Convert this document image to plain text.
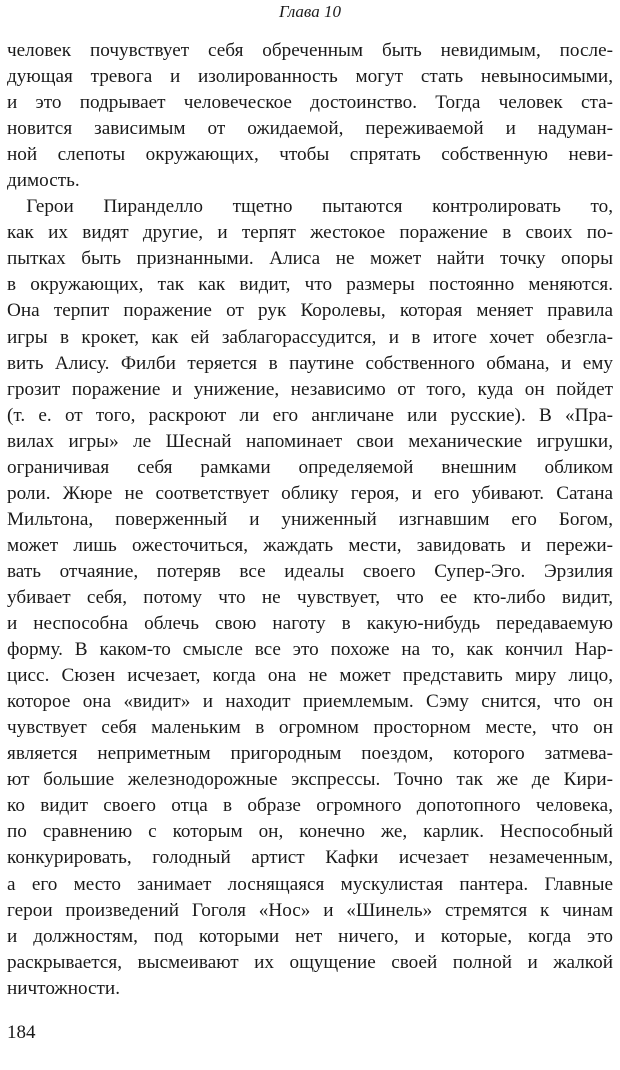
Глава 10
человек почувствует себя обреченным быть невидимым, после-
дующая тревога и изолированность могут стать невыносимыми,
и это подрывает человеческое достоинство. Тогда человек ста-
новится зависимым от ожидаемой, переживаемой и надуман-
ной слепоты окружающих, чтобы спрятать собственную неви-
димость.
 Герои Пиранделло тщетно пытаются контролировать то,
как их видят другие, и терпят жестокое поражение в своих по-
пытках быть признанными. Алиса не может найти точку опоры
в окружающих, так как видит, что размеры постоянно меняются.
Она терпит поражение от рук Королевы, которая меняет правила
игры в крокет, как ей заблагорассудится, и в итоге хочет обезгла-
вить Алису. Филби теряется в паутине собственного обмана, и ему
грозит поражение и унижение, независимо от того, куда он пойдет
(т. е. от того, раскроют ли его англичане или русские). В «Пра-
вилах игры» ле Шеснай напоминает свои механические игрушки,
ограничивая себя рамками определяемой внешним обликом
роли. Жюре не соответствует облику героя, и его убивают. Сатана
Мильтона, поверженный и униженный изгнавшим его Богом,
может лишь ожесточиться, жаждать мести, завидовать и пережи-
вать отчаяние, потеряв все идеалы своего Супер-Эго. Эрзилия
убивает себя, потому что не чувствует, что ее кто-либо видит,
и неспособна облечь свою наготу в какую-нибудь передаваемую
форму. В каком-то смысле все это похоже на то, как кончил Нар-
цисс. Сюзен исчезает, когда она не может представить миру лицо,
которое она «видит» и находит приемлемым. Сэму снится, что он
чувствует себя маленьким в огромном просторном месте, что он
является неприметным пригородным поездом, которого затмева-
ют большие железнодорожные экспрессы. Точно так же де Кири-
ко видит своего отца в образе огромного допотопного человека,
по сравнению с которым он, конечно же, карлик. Неспособный
конкурировать, голодный артист Кафки исчезает незамеченным,
а его место занимает лоснящаяся мускулистая пантера. Главные
герои произведений Гоголя «Нос» и «Шинель» стремятся к чинам
и должностям, под которыми нет ничего, и которые, когда это
раскрывается, высмеивают их ощущение своей полной и жалкой
ничтожности.
184
